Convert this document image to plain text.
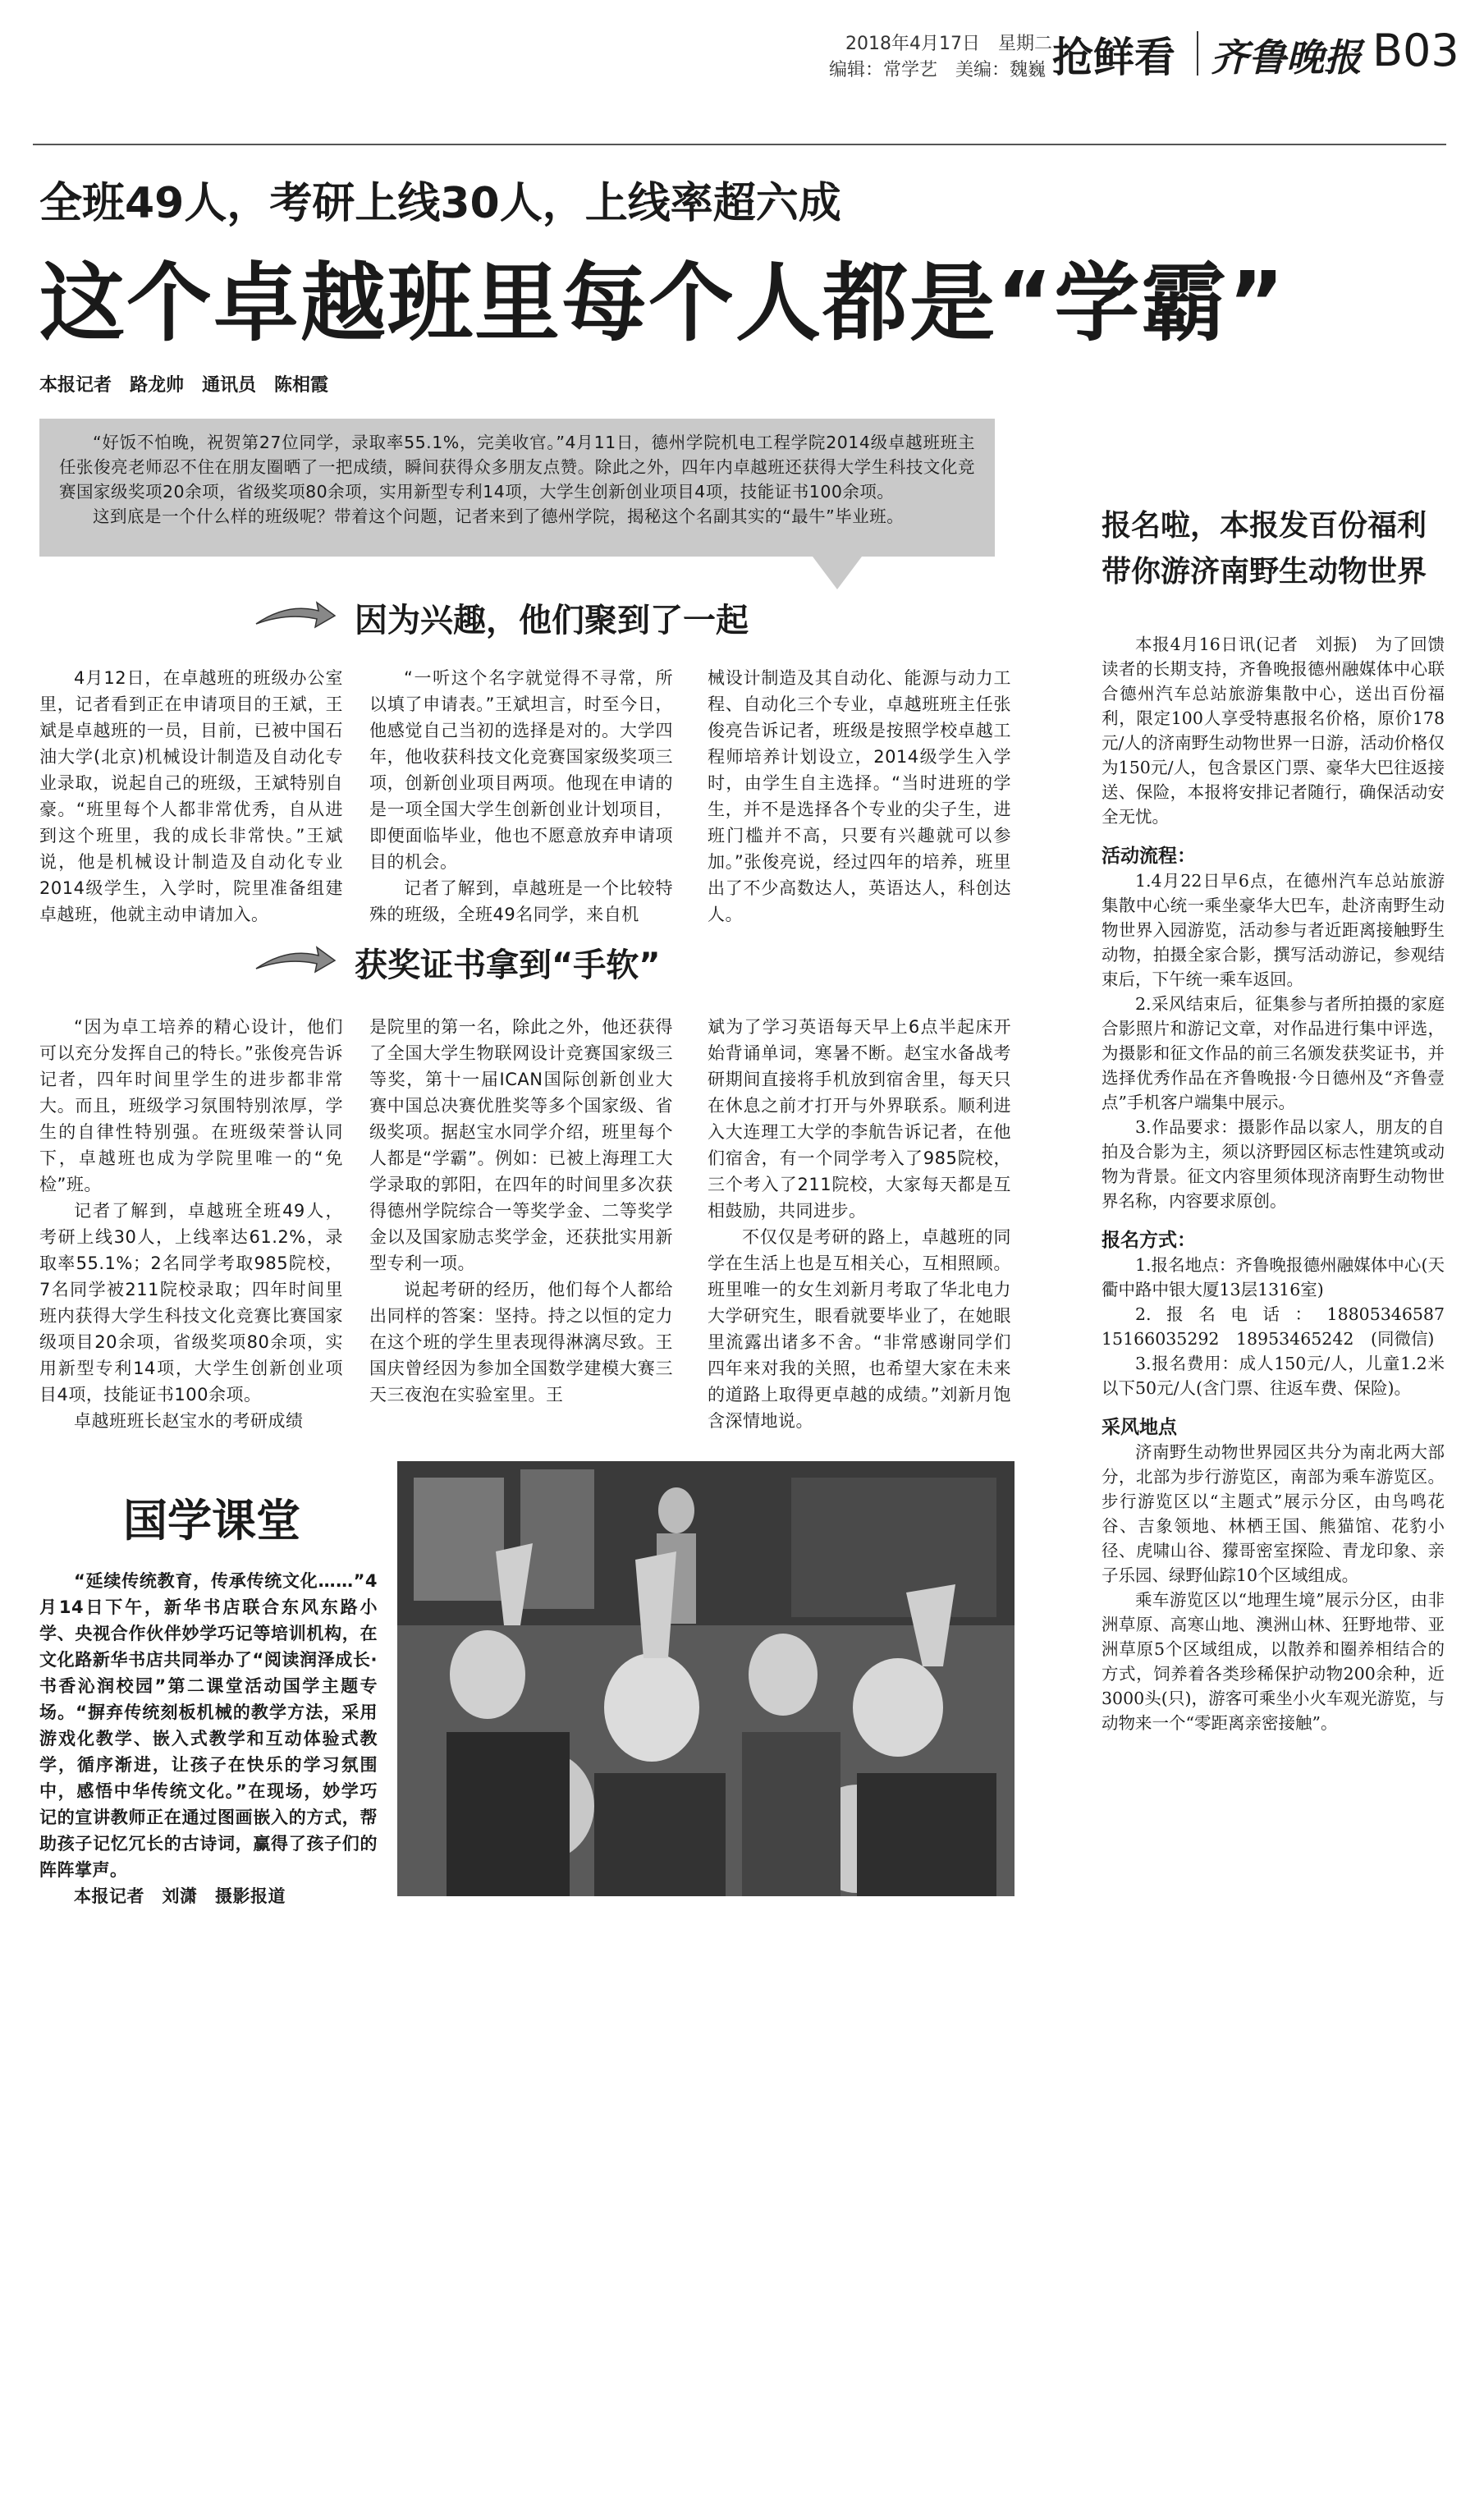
2018年4月17日　星期二
编辑：常学艺　美编：魏巍 抢鲜看 齐鲁晚报 B03
全班49人，考研上线30人，上线率超六成
这个卓越班里每个人都是“学霸”
本报记者　路龙帅　通讯员　陈相霞

“好饭不怕晚，祝贺第27位同学，录取率55.1%，完美收官。”4月11日，德州学院机电工程学院2014级卓越班班主任张俊亮老师忍不住在朋友圈晒了一把成绩，瞬间获得众多朋友点赞。除此之外，四年内卓越班还获得大学生科技文化竞赛国家级奖项20余项，省级奖项80余项，实用新型专利14项，大学生创新创业项目4项，技能证书100余项。

这到底是一个什么样的班级呢？带着这个问题，记者来到了德州学院，揭秘这个名副其实的“最牛”毕业班。

因为兴趣，他们聚到了一起

4月12日，在卓越班的班级办公室里，记者看到正在申请项目的王斌，王斌是卓越班的一员，目前，已被中国石油大学(北京)机械设计制造及自动化专业录取，说起自己的班级，王斌特别自豪。“班里每个人都非常优秀，自从进到这个班里，我的成长非常快。”王斌说，他是机械设计制造及自动化专业2014级学生，入学时，院里准备组建卓越班，他就主动申请加入。

“一听这个名字就觉得不寻常，所以填了申请表。”王斌坦言，时至今日，他感觉自己当初的选择是对的。大学四年，他收获科技文化竞赛国家级奖项三项，创新创业项目两项。他现在申请的是一项全国大学生创新创业计划项目，即便面临毕业，他也不愿意放弃申请项目的机会。

记者了解到，卓越班是一个比较特殊的班级，全班49名同学，来自机

械设计制造及其自动化、能源与动力工程、自动化三个专业，卓越班班主任张俊亮告诉记者，班级是按照学校卓越工程师培养计划设立，2014级学生入学时，由学生自主选择。“当时进班的学生，并不是选择各个专业的尖子生，进班门槛并不高，只要有兴趣就可以参加。”张俊亮说，经过四年的培养，班里出了不少高数达人，英语达人，科创达人。

获奖证书拿到“手软”

“因为卓工培养的精心设计，他们可以充分发挥自己的特长。”张俊亮告诉记者，四年时间里学生的进步都非常大。而且，班级学习氛围特别浓厚，学生的自律性特别强。在班级荣誉认同下，卓越班也成为学院里唯一的“免检”班。

记者了解到，卓越班全班49人，考研上线30人，上线率达61.2%，录取率55.1%；2名同学考取985院校，7名同学被211院校录取；四年时间里班内获得大学生科技文化竞赛比赛国家级项目20余项，省级奖项80余项，实用新型专利14项，大学生创新创业项目4项，技能证书100余项。

卓越班班长赵宝水的考研成绩

是院里的第一名，除此之外，他还获得了全国大学生物联网设计竞赛国家级三等奖，第十一届ICAN国际创新创业大赛中国总决赛优胜奖等多个国家级、省级奖项。据赵宝水同学介绍，班里每个人都是“学霸”。例如：已被上海理工大学录取的郭阳，在四年的时间里多次获得德州学院综合一等奖学金、二等奖学金以及国家励志奖学金，还获批实用新型专利一项。

说起考研的经历，他们每个人都给出同样的答案：坚持。持之以恒的定力在这个班的学生里表现得淋漓尽致。王国庆曾经因为参加全国数学建模大赛三天三夜泡在实验室里。王

斌为了学习英语每天早上6点半起床开始背诵单词，寒暑不断。赵宝水备战考研期间直接将手机放到宿舍里，每天只在休息之前才打开与外界联系。顺利进入大连理工大学的李航告诉记者，在他们宿舍，有一个同学考入了985院校，三个考入了211院校，大家每天都是互相鼓励，共同进步。

不仅仅是考研的路上，卓越班的同学在生活上也是互相关心，互相照顾。班里唯一的女生刘新月考取了华北电力大学研究生，眼看就要毕业了，在她眼里流露出诸多不舍。“非常感谢同学们四年来对我的关照，也希望大家在未来的道路上取得更卓越的成绩。”刘新月饱含深情地说。

国学课堂

“延续传统教育，传承传统文化……”4月14日下午，新华书店联合东风东路小学、央视合作伙伴妙学巧记等培训机构，在文化路新华书店共同举办了“阅读润泽成长·书香沁润校园”第二课堂活动国学主题专场。“摒弃传统刻板机械的教学方法，采用游戏化教学、嵌入式教学和互动体验式教学，循序渐进，让孩子在快乐的学习氛围中，感悟中华传统文化。”在现场，妙学巧记的宣讲教师正在通过图画嵌入的方式，帮助孩子记忆冗长的古诗词，赢得了孩子们的阵阵掌声。

本报记者　刘潇　摄影报道

报名啦，本报发百份福利
带你游济南野生动物世界

本报4月16日讯(记者　刘振)　为了回馈读者的长期支持，齐鲁晚报德州融媒体中心联合德州汽车总站旅游集散中心，送出百份福利，限定100人享受特惠报名价格，原价178元/人的济南野生动物世界一日游，活动价格仅为150元/人，包含景区门票、豪华大巴往返接送、保险，本报将安排记者随行，确保活动安全无忧。

活动流程：

1.4月22日早6点，在德州汽车总站旅游集散中心统一乘坐豪华大巴车，赴济南野生动物世界入园游览，活动参与者近距离接触野生动物，拍摄全家合影，撰写活动游记，参观结束后，下午统一乘车返回。

2.采风结束后，征集参与者所拍摄的家庭合影照片和游记文章，对作品进行集中评选，为摄影和征文作品的前三名颁发获奖证书，并选择优秀作品在齐鲁晚报·今日德州及“齐鲁壹点”手机客户端集中展示。

3.作品要求：摄影作品以家人，朋友的自拍及合影为主，须以济野园区标志性建筑或动物为背景。征文内容里须体现济南野生动物世界名称，内容要求原创。

报名方式：

1.报名地点：齐鲁晚报德州融媒体中心(天衢中路中银大厦13层1316室)

2.报名电话：18805346587　15166035292　18953465242　(同微信)

3.报名费用：成人150元/人，儿童1.2米以下50元/人(含门票、往返车费、保险)。

采风地点

济南野生动物世界园区共分为南北两大部分，北部为步行游览区，南部为乘车游览区。步行游览区以“主题式”展示分区，由鸟鸣花谷、吉象领地、林栖王国、熊猫馆、花豹小径、虎啸山谷、獴哥密室探险、青龙印象、亲子乐园、绿野仙踪10个区域组成。

乘车游览区以“地理生境”展示分区，由非洲草原、高寒山地、澳洲山林、狂野地带、亚洲草原5个区域组成，以散养和圈养相结合的方式，饲养着各类珍稀保护动物200余种，近3000头(只)，游客可乘坐小火车观光游览，与动物来一个“零距离亲密接触”。
